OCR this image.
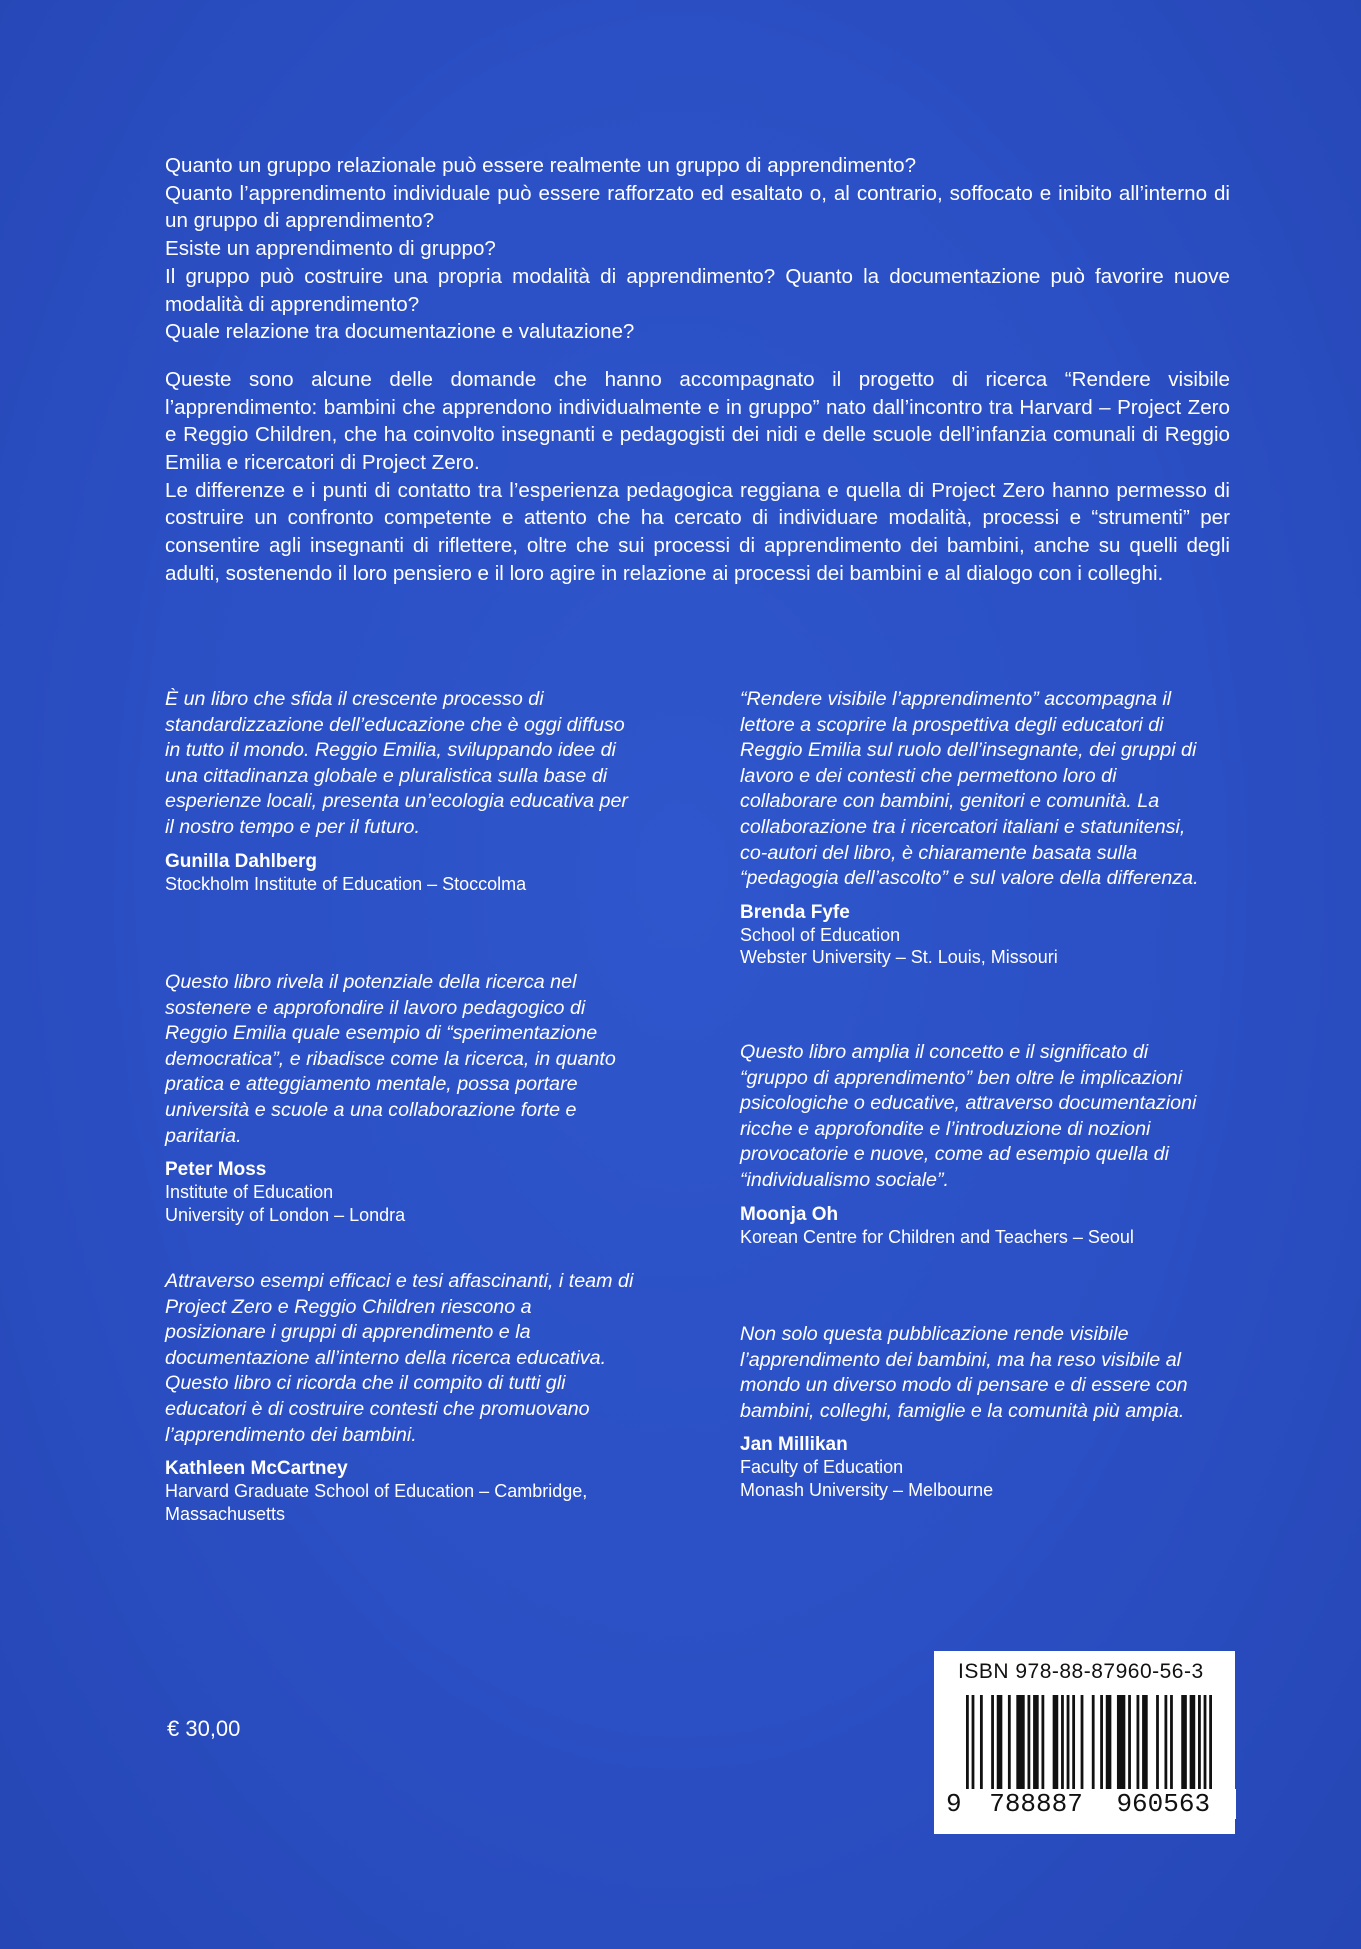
Quanto un gruppo relazionale può essere realmente un gruppo di apprendimento?

Quanto l’apprendimento individuale può essere rafforzato ed esaltato o, al contrario, soffocato e inibito all’interno di un gruppo di apprendimento?

Esiste un apprendimento di gruppo?

Il gruppo può costruire una propria modalità di apprendimento? Quanto la documentazione può favorire nuove modalità di apprendimento?

Quale relazione tra documentazione e valutazione?

Queste sono alcune delle domande che hanno accompagnato il progetto di ricerca “Rendere visibile l’apprendimento: bambini che apprendono individualmente e in gruppo” nato dall’incontro tra Harvard – Project Zero e Reggio Children, che ha coinvolto insegnanti e pedagogisti dei nidi e delle scuole dell’infanzia comunali di Reggio Emilia e ricercatori di Project Zero.

Le differenze e i punti di contatto tra l’esperienza pedagogica reggiana e quella di Project Zero hanno permesso di costruire un confronto competente e attento che ha cercato di individuare modalità, processi e “strumenti” per consentire agli insegnanti di riflettere, oltre che sui processi di apprendimento dei bambini, anche su quelli degli adulti, sostenendo il loro pensiero e il loro agire in relazione ai processi dei bambini e al dialogo con i colleghi.

È un libro che sfida il crescente processo di standardizzazione dell’educazione che è oggi diffuso in tutto il mondo. Reggio Emilia, sviluppando idee di una cittadinanza globale e pluralistica sulla base di esperienze locali, presenta un’ecologia educativa per il nostro tempo e per il futuro.

Gunilla Dahlberg
Stockholm Institute of Education – Stoccolma

Questo libro rivela il potenziale della ricerca nel sostenere e approfondire il lavoro pedagogico di Reggio Emilia quale esempio di “sperimentazione democratica”, e ribadisce come la ricerca, in quanto pratica e atteggiamento mentale, possa portare università e scuole a una collaborazione forte e paritaria.

Peter Moss
Institute of Education
University of London – Londra

Attraverso esempi efficaci e tesi affascinanti, i team di Project Zero e Reggio Children riescono a posizionare i gruppi di apprendimento e la documentazione all’interno della ricerca educativa. Questo libro ci ricorda che il compito di tutti gli educatori è di costruire contesti che promuovano l’apprendimento dei bambini.

Kathleen McCartney
Harvard Graduate School of Education – Cambridge,
Massachusetts

“Rendere visibile l’apprendimento” accompagna il lettore a scoprire la prospettiva degli educatori di Reggio Emilia sul ruolo dell’insegnante, dei gruppi di lavoro e dei contesti che permettono loro di collaborare con bambini, genitori e comunità. La collaborazione tra i ricercatori italiani e statunitensi, co-autori del libro, è chiaramente basata sulla “pedagogia dell’ascolto” e sul valore della differenza.

Brenda Fyfe
School of Education
Webster University – St. Louis, Missouri

Questo libro amplia il concetto e il significato di “gruppo di apprendimento” ben oltre le implicazioni psicologiche o educative, attraverso documentazioni ricche e approfondite e l’introduzione di nozioni provocatorie e nuove, come ad esempio quella di “individualismo sociale”.

Moonja Oh
Korean Centre for Children and Teachers – Seoul

Non solo questa pubblicazione rende visibile l’apprendimento dei bambini, ma ha reso visibile al mondo un diverso modo di pensare e di essere con bambini, colleghi, famiglie e la comunità più ampia.

Jan Millikan
Faculty of Education
Monash University – Melbourne
€ 30,00
ISBN 978-88-87960-56-3
9 788887 960563
